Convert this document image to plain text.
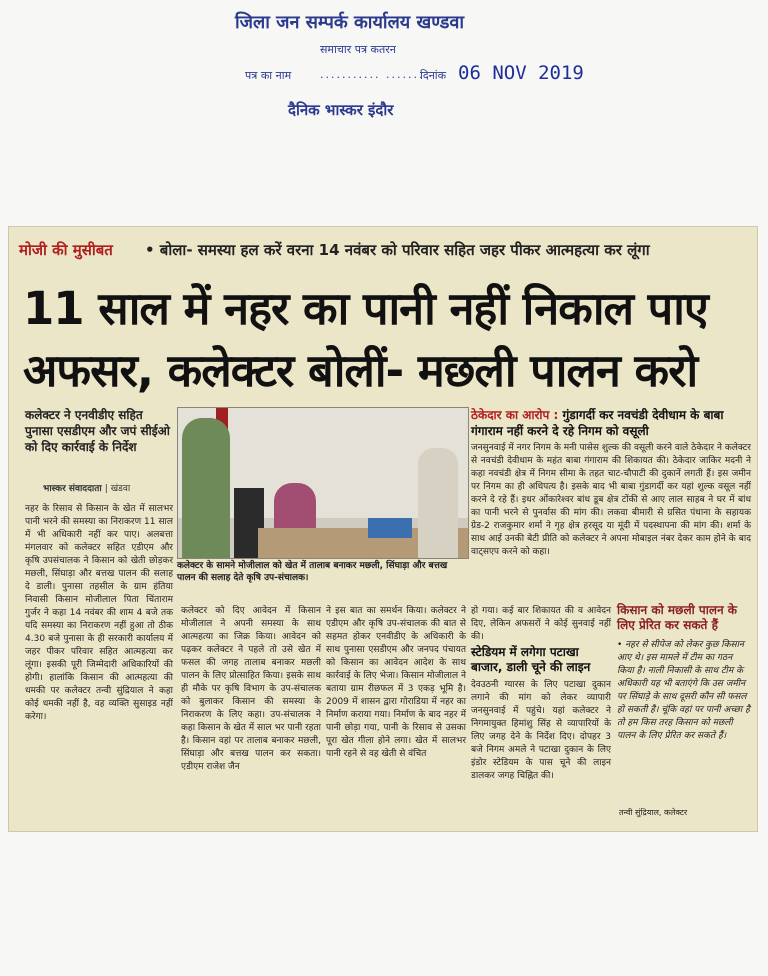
जिला जन सम्पर्क कार्यालय खण्डवा
समाचार पत्र कतरन
पत्र का नाम	........... .......
दिनांक 06 NOV 2019
दैनिक भास्कर इंदौर
मोजी की मुसीबत • बोला- समस्या हल करें वरना 14 नवंबर को परिवार सहित जहर पीकर आत्महत्या कर लूंगा
11 साल में नहर का पानी नहीं निकाल पाए
अफसर, कलेक्टर बोलीं- मछली पालन करो
कलेक्टर ने एनवीडीए सहित पुनासा एसडीएम और जपं सीईओ को दिए कार्रवाई के निर्देश
भास्कर संवाददाता | खंडवा
कलेक्टर के सामने मोजीलाल को खेत में तालाब बनाकर मछली, सिंघाड़ा और बत्तख पालन की सलाह देते कृषि उप-संचालक।
ठेकेदार का आरोप : गुंडागर्दी कर नवचंडी देवीधाम के बाबा गंगाराम नहीं करने दे रहे निगम को वसूली
जनसुनवाई में नगर निगम के मनी पासेस शुल्क की वसूली करने वाले ठेकेदार ने कलेक्टर से नवचंडी देवीधाम के महंत बाबा गंगाराम की शिकायत की। ठेकेदार जाकिर मदनी ने कहा नवचंडी क्षेत्र में निगम सीमा के तहत चाट-चौपाटी की दुकानें लगती हैं। इस जमीन पर निगम का ही अधिपत्य है। इसके बाद भी बाबा गुंडागर्दी कर यहां शुल्क वसूल नहीं करने दे रहे हैं। इधर ओंकारेश्वर बांध डूब क्षेत्र टोंकी से आए लाल साहब ने घर में बांध का पानी भरने से पुनर्वास की मांग की। लकवा बीमारी से ग्रसित पंधाना के सहायक ग्रेड-2 राजकुमार शर्मा ने गृह क्षेत्र हरसूद या मूंदी में पदस्थापना की मांग की। शर्मा के साथ आई उनकी बेटी प्रीति को कलेक्टर ने अपना मोबाइल नंबर देकर काम होने के बाद वाट्सएप करने को कहा।
नहर के रिसाव से किसान के खेत में सालभर पानी भरने की समस्या का निराकरण 11 साल में भी अधिकारी नहीं कर पाए। अलबत्ता मंगलवार को कलेक्टर सहित एडीएम और कृषि उपसंचालक ने किसान को खेती छोड़कर मछली, सिंघाड़ा और बत्तख पालन की सलाह दे डाली। पुनासा तहसील के ग्राम हंतिया निवासी किसान मोजीलाल पिता चिंताराम गुर्जर ने कहा 14 नवंबर की शाम 4 बजे तक यदि समस्या का निराकरण नहीं हुआ तो ठीक 4.30 बजे पुनासा के ही सरकारी कार्यालय में जहर पीकर परिवार सहित आत्महत्या कर लूंगा। इसकी पूरी जिम्मेदारी अधिकारियों की होगी। हालांकि किसान की आत्महत्या की धमकी पर कलेक्टर तन्वी सुंद्रियाल ने कहा कोई धमकी नहीं है, वह व्यक्ति सुसाइड नहीं करेगा।
कलेक्टर को दिए आवेदन में किसान मोजीलाल ने अपनी समस्या के साथ आत्महत्या का जिक्र किया। आवेदन को पढ़कर कलेक्टर ने पहले तो उसे खेत में फसल की जगह तालाब बनाकर मछली पालन के लिए प्रोत्साहित किया। इसके साथ ही मौके पर कृषि विभाग के उप-संचालक को बुलाकर किसान की समस्या के निराकरण के लिए कहा। उप-संचालक ने कहा किसान के खेत में साल भर पानी रहता है। किसान वहां पर तालाब बनाकर मछली, सिंघाड़ा और बत्तख पालन कर सकता। एडीएम राजेश जैन
ने इस बात का समर्थन किया। कलेक्टर ने एडीएम और कृषि उप-संचालक की बात से सहमत होकर एनवीडीए के अधिकारी के साथ पुनासा एसडीएम और जनपद पंचायत को किसान का आवेदन आदेश के साथ कार्रवाई के लिए भेजा। किसान मोजीलाल ने बताया ग्राम रीछफल में 3 एकड़ भूमि है। 2009 में शासन द्वारा गोराडिया में नहर का निर्माण कराया गया। निर्माण के बाद नहर में पानी छोड़ा गया, पानी के रिसाव से उसका पूरा खेत गीला होने लगा। खेत में सालभर पानी रहने से वह खेती से वंचित
हो गया। कई बार शिकायत की व आवेदन दिए, लेकिन अफसरों ने कोई सुनवाई नहीं की।
स्टेडियम में लगेगा पटाखा बाजार, डाली चूने की लाइन
देवउठनी ग्यारस के लिए पटाखा दुकान लगाने की मांग को लेकर व्यापारी जनसुनवाई में पहुंचे। यहां कलेक्टर ने निगमायुक्त हिमांशु सिंह से व्यापारियों के लिए जगह देने के निर्देश दिए। दोपहर 3 बजे निगम अमले ने पटाखा दुकान के लिए इंडोर स्टेडियम के पास चूने की लाइन डालकर जगह चिह्नित की।
किसान को मछली पालन के लिए प्रेरित कर सकते हैं
• नहर से सीपेज को लेकर कुछ किसान आए थे। इस मामले में टीम का गठन किया है। नाली निकासी के साथ टीम के अधिकारी यह भी बताएंगे कि उस जमीन पर सिंघाड़े के साथ दूसरी कौन सी फसल हो सकती है। चूंकि वहां पर पानी अच्छा है तो हम किस तरह किसान को मछली पालन के लिए प्रेरित कर सकते हैं।
तन्वी सुंद्रियाल, कलेक्टर
